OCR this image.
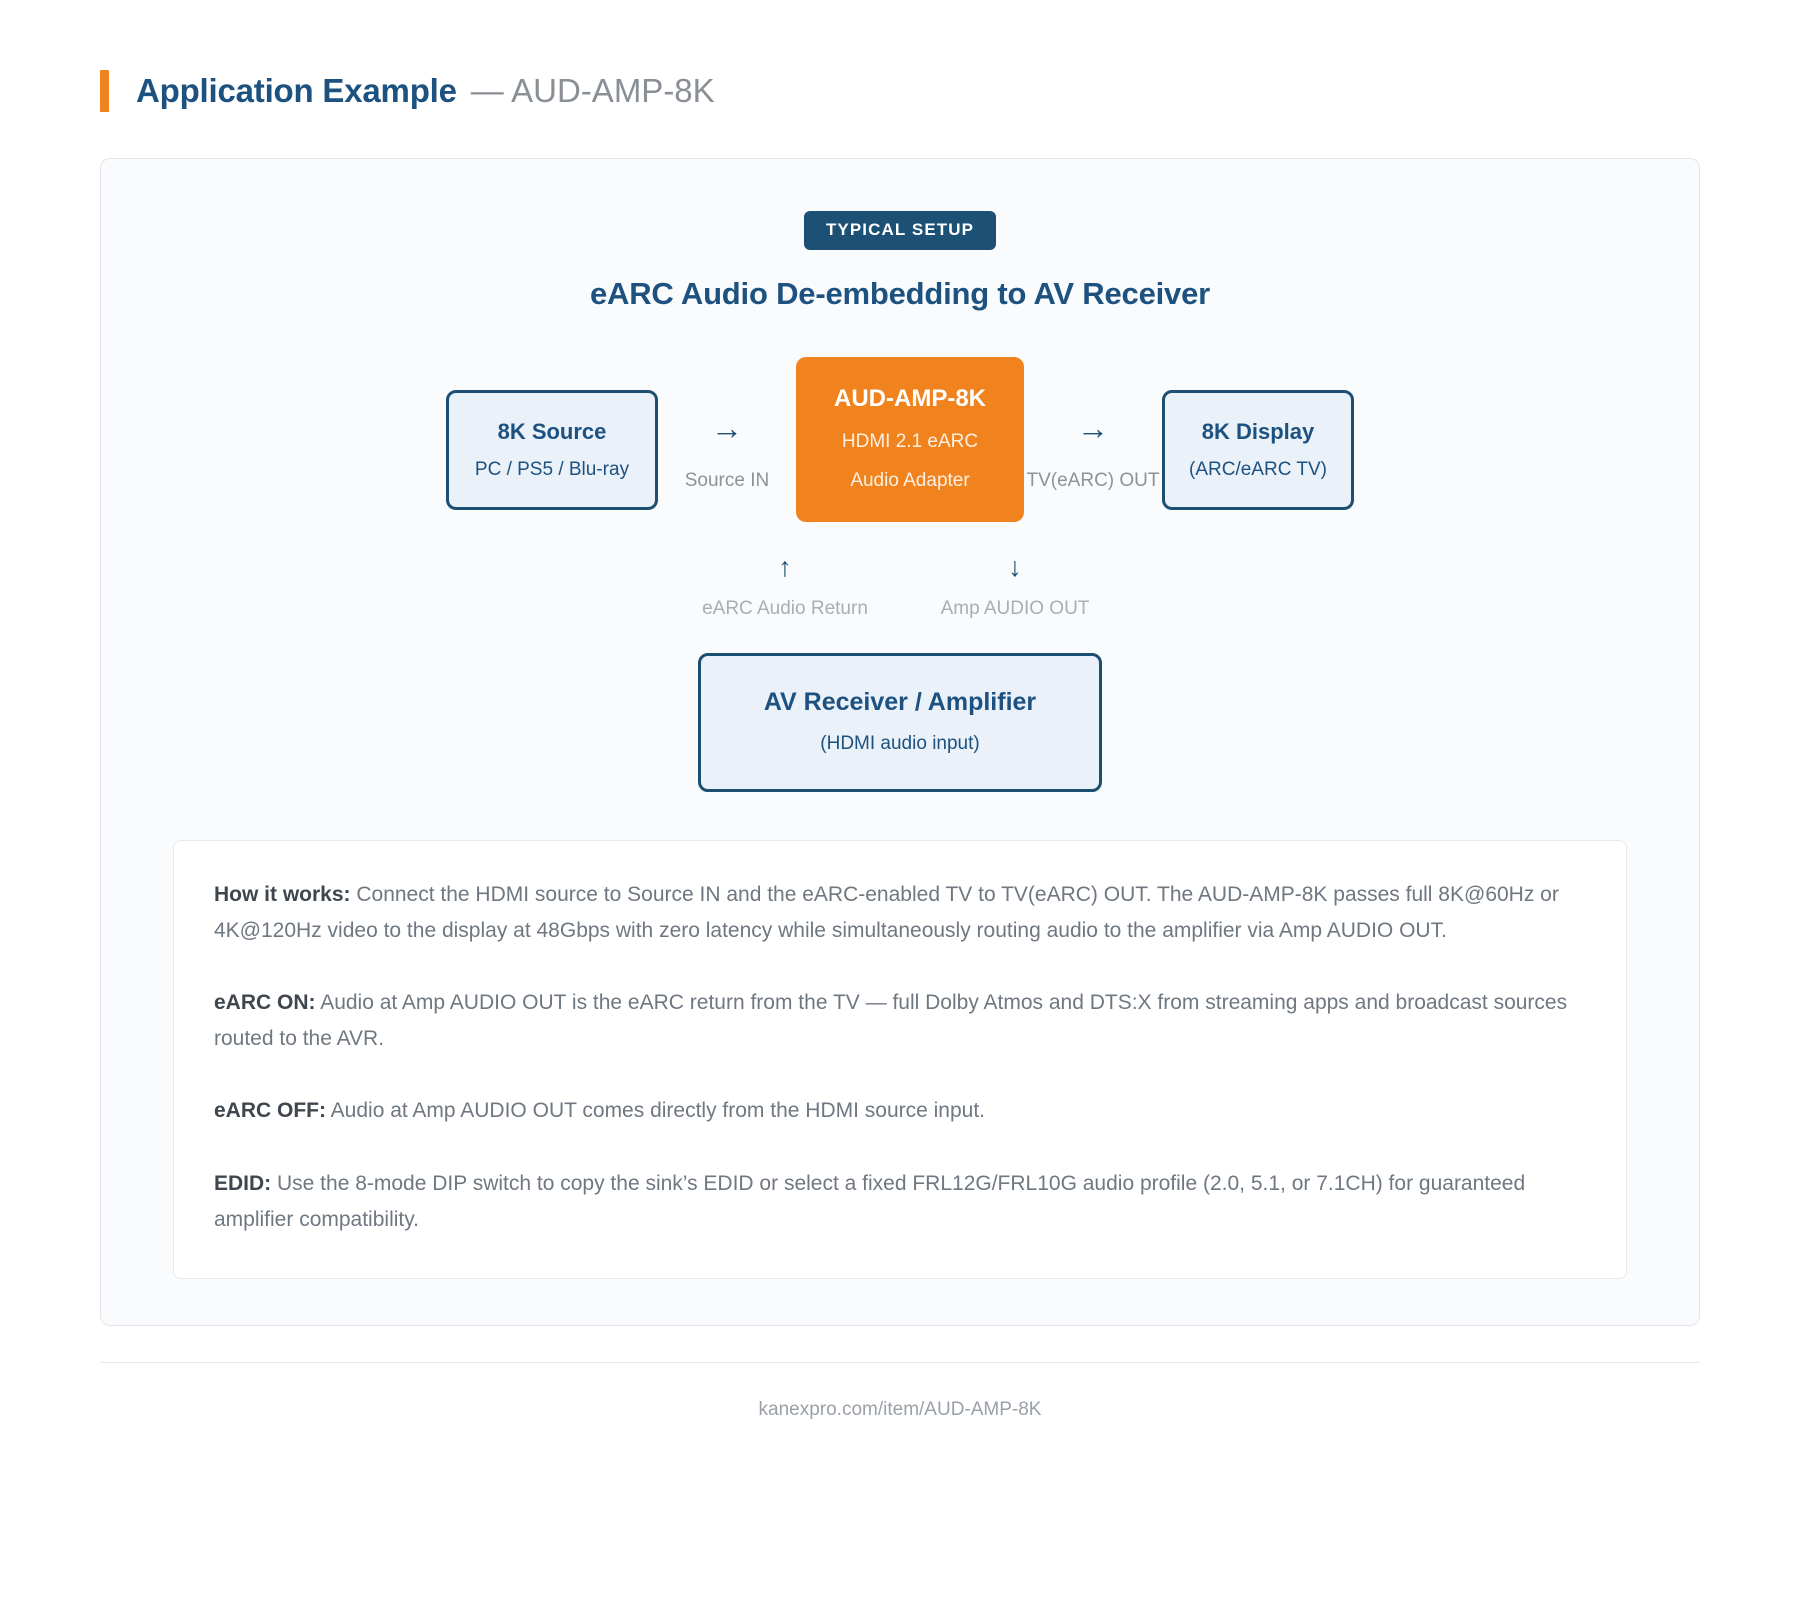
Application Example — AUD-AMP-8K
TYPICAL SETUP
eARC Audio De-embedding to AV Receiver
8K Source
PC / PS5 / Blu-ray
→
Source IN
AUD-AMP-8K
HDMI 2.1 eARC
Audio Adapter
→
TV(eARC) OUT
8K Display
(ARC/eARC TV)
↑
eARC Audio Return
↓
Amp AUDIO OUT
AV Receiver / Amplifier
(HDMI audio input)

How it works: Connect the HDMI source to Source IN and the eARC-enabled TV to TV(eARC) OUT. The AUD-AMP-8K passes full 8K@60Hz or 4K@120Hz video to the display at 48Gbps with zero latency while simultaneously routing audio to the amplifier via Amp AUDIO OUT.

eARC ON: Audio at Amp AUDIO OUT is the eARC return from the TV — full Dolby Atmos and DTS:X from streaming apps and broadcast sources routed to the AVR.

eARC OFF: Audio at Amp AUDIO OUT comes directly from the HDMI source input.

EDID: Use the 8-mode DIP switch to copy the sink’s EDID or select a fixed FRL12G/FRL10G audio profile (2.0, 5.1, or 7.1CH) for guaranteed amplifier compatibility.

kanexpro.com/item/AUD-AMP-8K
